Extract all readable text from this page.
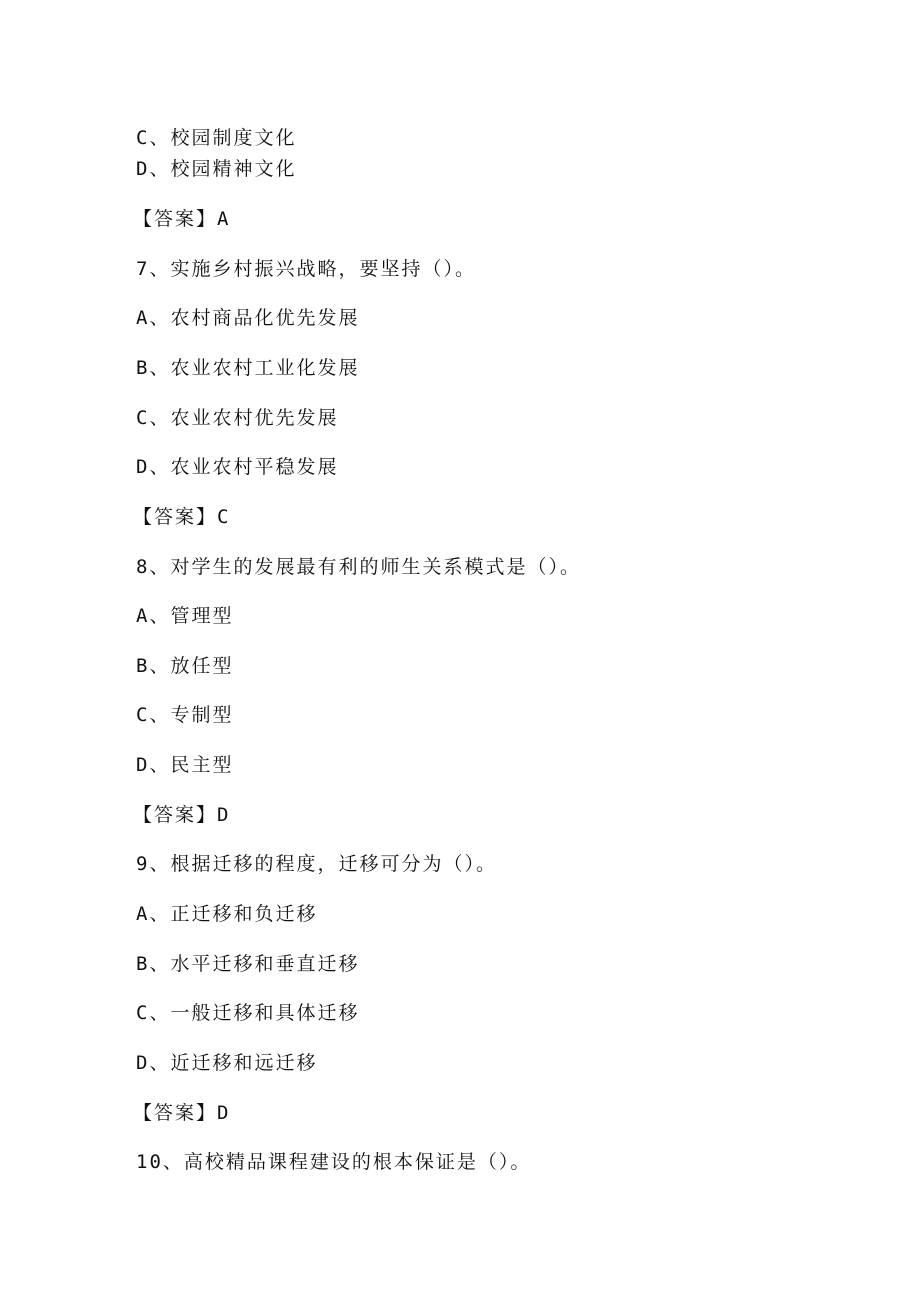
C、校园制度文化
D、校园精神文化
【答案】A
7、实施乡村振兴战略，要坚持（）。
A、农村商品化优先发展
B、农业农村工业化发展
C、农业农村优先发展
D、农业农村平稳发展
【答案】C
8、对学生的发展最有利的师生关系模式是（）。
A、管理型
B、放任型
C、专制型
D、民主型
【答案】D
9、根据迁移的程度，迁移可分为（）。
A、正迁移和负迁移
B、水平迁移和垂直迁移
C、一般迁移和具体迁移
D、近迁移和远迁移
【答案】D
10、高校精品课程建设的根本保证是（）。
